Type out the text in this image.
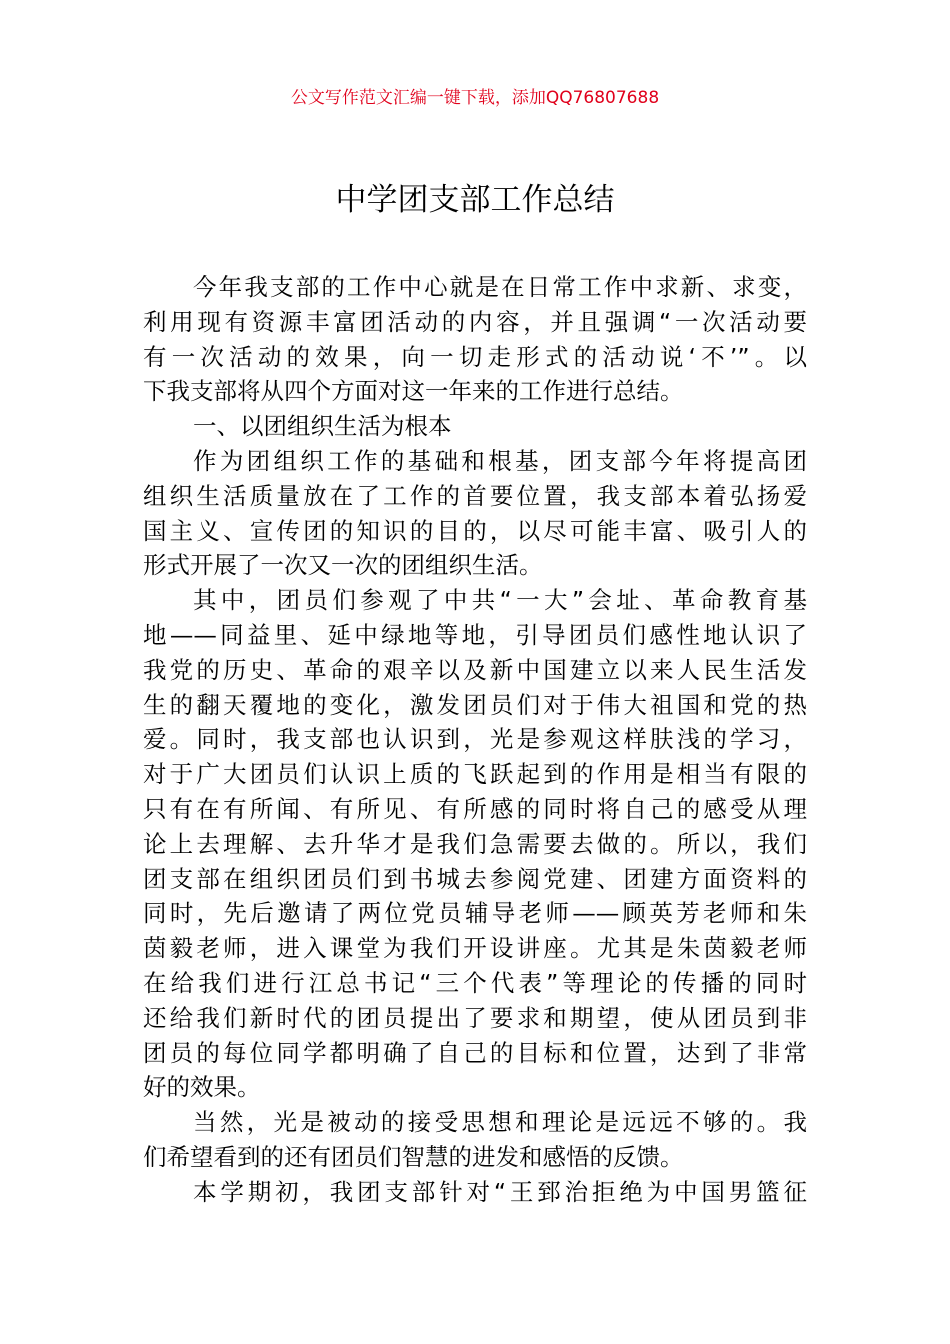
公文写作范文汇编一键下载，添加QQ76807688
中学团支部工作总结
今年我支部的工作中心就是在日常工作中求新、求变，
利用现有资源丰富团活动的内容，并且强调“一次活动要
有一次活动的效果，向一切走形式的活动说‘不’”。以
下我支部将从四个方面对这一年来的工作进行总结。
一、以团组织生活为根本
作为团组织工作的基础和根基，团支部今年将提高团
组织生活质量放在了工作的首要位置，我支部本着弘扬爱
国主义、宣传团的知识的目的，以尽可能丰富、吸引人的
形式开展了一次又一次的团组织生活。
其中，团员们参观了中共“一大”会址、革命教育基
地——同益里、延中绿地等地，引导团员们感性地认识了
我党的历史、革命的艰辛以及新中国建立以来人民生活发
生的翻天覆地的变化，激发团员们对于伟大祖国和党的热
爱。同时，我支部也认识到，光是参观这样肤浅的学习，
对于广大团员们认识上质的飞跃起到的作用是相当有限的
只有在有所闻、有所见、有所感的同时将自己的感受从理
论上去理解、去升华才是我们急需要去做的。所以，我们
团支部在组织团员们到书城去参阅党建、团建方面资料的
同时，先后邀请了两位党员辅导老师——顾英芳老师和朱
茵毅老师，进入课堂为我们开设讲座。尤其是朱茵毅老师
在给我们进行江总书记“三个代表”等理论的传播的同时
还给我们新时代的团员提出了要求和期望，使从团员到非
团员的每位同学都明确了自己的目标和位置，达到了非常
好的效果。
当然，光是被动的接受思想和理论是远远不够的。我
们希望看到的还有团员们智慧的进发和感悟的反馈。
本学期初，我团支部针对“王郅治拒绝为中国男篮征
